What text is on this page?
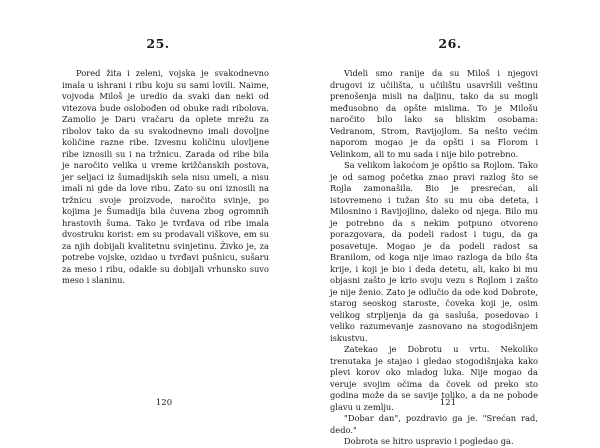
25.

Pored žita i zeleni, vojska je svakodnevno imala u ishrani i ribu koju su sami lovili. Naime, vojvoda Miloš je uredio da svaki dan neki od vitezova bude oslobođen od obuke radi ribolova. Zamolio je Daru vračaru da oplete mrežu za ribolov tako da su svakodnevno imali dovoljne količine razne ribe. Izvesnu količinu ulovljene ribe iznosili su i na tržnicu. Zarada od ribe bila je naročito velika u vreme križčanskih postova, jer seljaci iz šumadijskih sela nisu umeli, a nisu imali ni gde da love ribu. Zato su oni iznosili na tržnicu svoje proizvode, naročito svinje, po kojima je Šumadija bila čuvena zbog ogromnih hrastovih šuma. Tako je tvrđava od ribe imala dvostruku korist: em su prodavali viškove, em su za njih dobijali kvalitetnu svinjetinu. Živko je, za potrebe vojske, ozidao u tvrđavi pušnicu, sušaru za meso i ribu, odakle su dobijali vrhunsko suvo meso i slaninu.

120
26.

Videli smo ranije da su Miloš i njegovi drugovi iz učilišta, u učilištu usavršili veštinu prenošenja misli na daljinu, tako da su mogli međusobno da opšte mislima. To je Milošu naročito bilo lako sa bliskim osobama: Vedranom, Strom, Ravijojlom. Sa nešto većim naporom mogao je da opšti i sa Florom i Velinkom, ali to mu sada i nije bilo potrebno.

Sa velikom lakoćom je opštio sa Rojlom. Tako je od samog početka znao pravi razlog što se Rojla zamonašila. Bio je presrećan, ali istovremeno i tužan što su mu oba deteta, i Milosnino i Ravijojlino, daleko od njega. Bilo mu je potrebno da s nekim potpuno otvoreno porazgovara, da podeli radost i tugu, da ga posavetuje. Mogao je da podeli radost sa Branilom, od koga nije imao razloga da bilo šta krije, i koji je bio i deda detetu, ali, kako bi mu objasni zašto je krio svoju vezu s Rojlom i zašto je nije ženio. Zato je odlučio da ode kod Dobrote, starog seoskog staroste, čoveka koji je, osim velikog strpljenja da ga sasluša, posedovao i veliko razumevanje zasnovano na stogodišnjem iskustvu.

Zatekao je Dobrotu u vrtu. Nekoliko trenutaka je stajao i gledao stogodišnjaka kako plevi korov oko mladog luka. Nije mogao da veruje svojim očima da čovek od preko sto godina može da se savije toliko, a da ne pobode glavu u zemlju.

"Dobar dan", pozdravio ga je. "Srećan rad, dedo."

Dobrota se hitro uspravio i pogledao ga.

121
